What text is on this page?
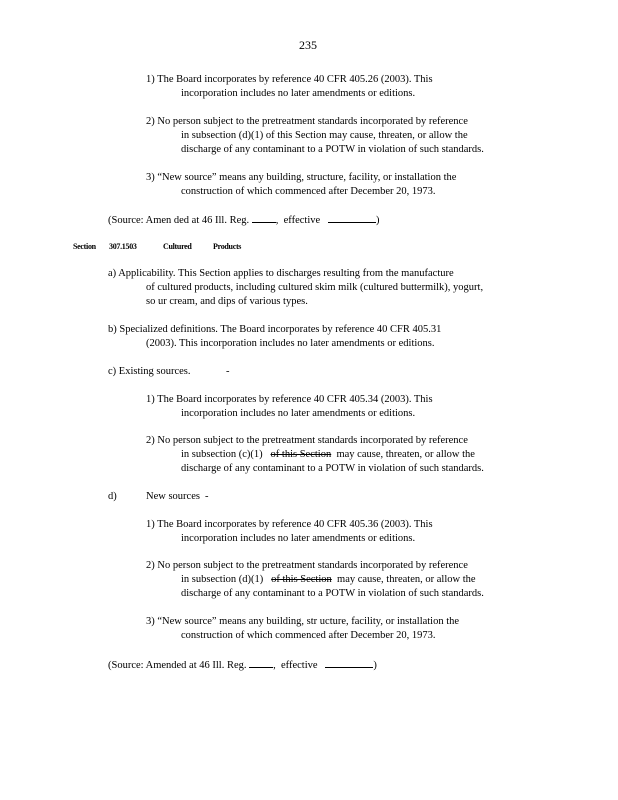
235
1) The Board incorporates by reference 40 CFR 405.26 (2003). This
incorporation includes no later amendments or editions.
2) No person subject to the pretreatment standards incorporated by reference
in subsection (d)(1) of this Section may cause, threaten, or allow the
discharge of any contaminant to a POTW in violation of such standards.
3) “New source” means any building, structure, facility, or installation the
construction of which commenced after December 20, 1973.
(Source: Amen ded at 46 Ill. Reg.	, effective	)
Section 307.1503	Cultured	Products
a) Applicability. This Section applies to discharges resulting from the manufacture
of cultured products, including cultured skim milk (cultured buttermilk), yogurt,
so ur cream, and dips of various types.
b) Specialized definitions. The Board incorporates by reference 40 CFR 405.31
(2003). This incorporation includes no later amendments or editions.
c) Existing sources.	-
1) The Board incorporates by reference 40 CFR 405.34 (2003). This
incorporation includes no later amendments or editions.
2) No person subject to the pretreatment standards incorporated by reference
in subsection (c)(1) of this Section may cause, threaten, or allow the
discharge of any contaminant to a POTW in violation of such standards.
d)	New sources -
1) The Board incorporates by reference 40 CFR 405.36 (2003). This
incorporation includes no later amendments or editions.
2) No person subject to the pretreatment standards incorporated by reference
in subsection (d)(1) of this Section may cause, threaten, or allow the
discharge of any contaminant to a POTW in violation of such standards.
3) “New source” means any building, str ucture, facility, or installation the
construction of which commenced after December 20, 1973.
(Source: Amended at 46 Ill. Reg.	, effective	)
